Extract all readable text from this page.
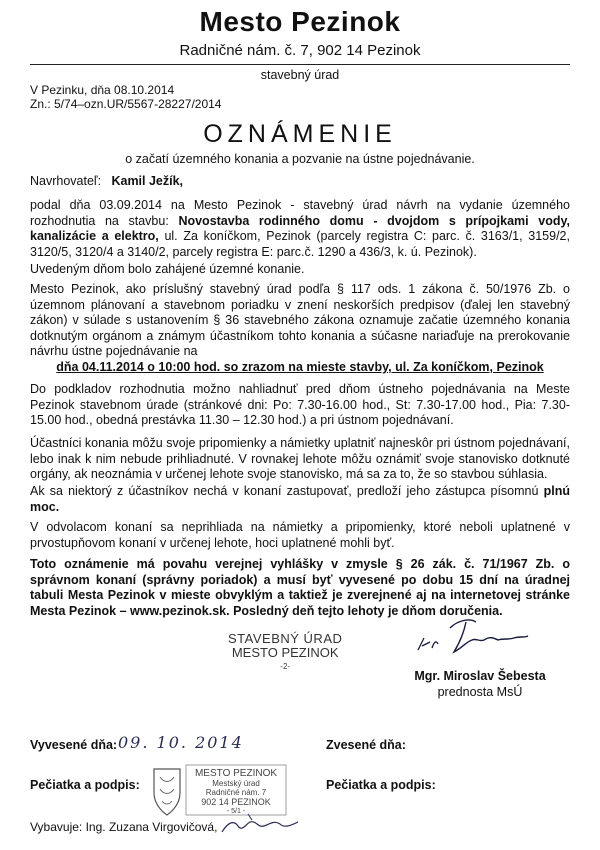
Mesto Pezinok
Radničné nám. č. 7, 902 14 Pezinok
stavebný úrad
V Pezinku, dňa 08.10.2014
Zn.: 5/74–ozn.UR/5567-28227/2014
OZNÁMENIE
o začatí územného konania a pozvanie na ústne pojednávanie.
Navrhovateľ: Kamil Ježík,
podal dňa 03.09.2014 na Mesto Pezinok - stavebný úrad návrh na vydanie územného rozhodnutia na stavbu: Novostavba rodinného domu - dvojdom s prípojkami vody, kanalizácie a elektro, ul. Za koníčkom, Pezinok (parcely registra C: parc. č. 3163/1, 3159/2, 3120/5, 3120/4 a 3140/2, parcely registra E: parc.č. 1290 a 436/3, k. ú. Pezinok).
Uvedeným dňom bolo zahájené územné konanie.
Mesto Pezinok, ako príslušný stavebný úrad podľa § 117 ods. 1 zákona č. 50/1976 Zb. o územnom plánovaní a stavebnom poriadku v znení neskorších predpisov (ďalej len stavebný zákon) v súlade s ustanovením § 36 stavebného zákona oznamuje začatie územného konania dotknutým orgánom a známym účastníkom tohto konania a súčasne nariaďuje na prerokovanie návrhu ústne pojednávanie na
dňa 04.11.2014 o 10:00 hod. so zrazom na mieste stavby, ul. Za koníčkom, Pezinok
Do podkladov rozhodnutia možno nahliadnuť pred dňom ústneho pojednávania na Meste Pezinok stavebnom úrade (stránkové dni: Po: 7.30-16.00 hod., St: 7.30-17.00 hod., Pia: 7.30-15.00 hod., obedná prestávka 11.30 – 12.30 hod.) a pri ústnom pojednávaní.
Účastníci konania môžu svoje pripomienky a námietky uplatniť najneskôr pri ústnom pojednávaní, lebo inak k nim nebude prihliadnuté. V rovnakej lehote môžu oznámiť svoje stanovisko dotknuté orgány, ak neoznámia v určenej lehote svoje stanovisko, má sa za to, že so stavbou súhlasia.
Ak sa niektorý z účastníkov nechá v konaní zastupovať, predloží jeho zástupca písomnú plnú moc.
V odvolacom konaní sa neprihliada na námietky a pripomienky, ktoré neboli uplatnené v prvostupňovom konaní v určenej lehote, hoci uplatnené mohli byť.
Toto oznámenie má povahu verejnej vyhlášky v zmysle § 26 zák. č. 71/1967 Zb. o správnom konaní (správny poriadok) a musí byť vyvesené po dobu 15 dní na úradnej tabuli Mesta Pezinok v mieste obvyklým a taktiež je zverejnené aj na internetovej stránke Mesta Pezinok – www.pezinok.sk. Posledný deň tejto lehoty je dňom doručenia.
STAVEBNÝ ÚRAD
MESTO PEZINOK
-2-
Mgr. Miroslav Šebesta
prednosta MsÚ
Vyvesené dňa: 09. 10. 2014	Zvesené dňa:
Pečiatka a podpis:	Pečiatka a podpis:
MESTO PEZINOK
Mestský úrad
Radničné nám. 7
902 14 PEZINOK
- 5/1 -
Vybavuje: Ing. Zuzana Virgovičová,
